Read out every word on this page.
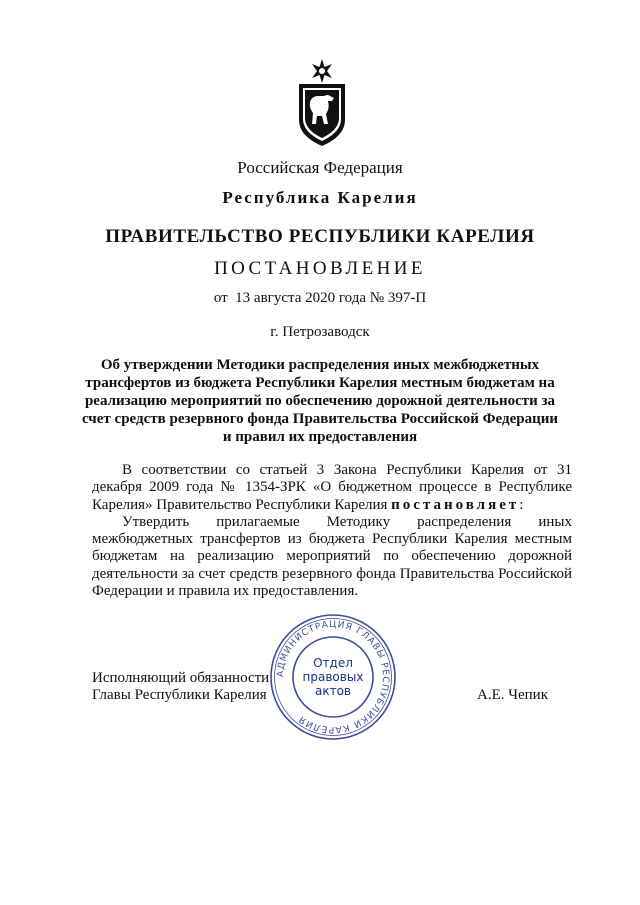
Российская Федерация
Республика Карелия
ПРАВИТЕЛЬСТВО РЕСПУБЛИКИ КАРЕЛИЯ
ПОСТАНОВЛЕНИЕ
от  13 августа 2020 года № 397-П
г. Петрозаводск
Об утверждении Методики распределения иных межбюджетных трансфертов из бюджета Республики Карелия местным бюджетам на реализацию мероприятий по обеспечению дорожной деятельности за счет средств резервного фонда Правительства Российской Федерации и правил их предоставления

В соответствии со статьей 3 Закона Республики Карелия от 31 декабря 2009 года № 1354-ЗРК «О бюджетном процессе в Республике Карелия» Правительство Республики Карелия постановляет:

Утвердить прилагаемые Методику распределения иных межбюджетных трансфертов из бюджета Республики Карелия местным бюджетам на реализацию мероприятий по обеспечению дорожной деятельности за счет средств резервного фонда Правительства Российской Федерации и правила их предоставления.

Исполняющий обязанности
Главы Республики Карелия	А.Е. Чепик
АДМИНИСТРАЦИЯ ГЛАВЫ РЕСПУБЛИКИ КАРЕЛИЯ
Отдел
правовых
актов
